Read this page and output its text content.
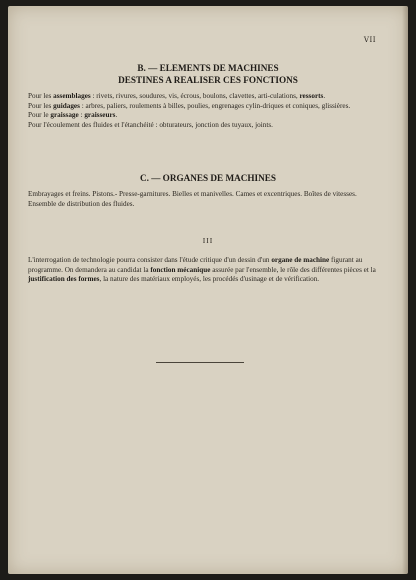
VII
B. — ELEMENTS DE MACHINES
DESTINES A REALISER CES FONCTIONS
Pour les assemblages : rivets, rivures, soudures, vis, écrous, boulons, clavettes, arti-culations, ressorts.
Pour les guidages : arbres, paliers, roulements à billes, poulies, engrenages cylin-driques et coniques, glissières.
Pour le graissage : graisseurs.
Pour l'écoulement des fluides et l'étanchéité : obturateurs, jonction des tuyaux, joints.
C. — ORGANES DE MACHINES
Embrayages et freins. Pistons.- Presse-garnitures. Bielles et manivelles. Cames et excentriques. Boîtes de vitesses. Ensemble de distribution des fluides.
III

L'interrogation de technologie pourra consister dans l'étude critique d'un dessin d'un organe de machine figurant au programme. On demandera au candidat la fonction mécanique assurée par l'ensemble, le rôle des différentes pièces et la justification des formes, la nature des matériaux employés, les procédés d'usinage et de vérification.
